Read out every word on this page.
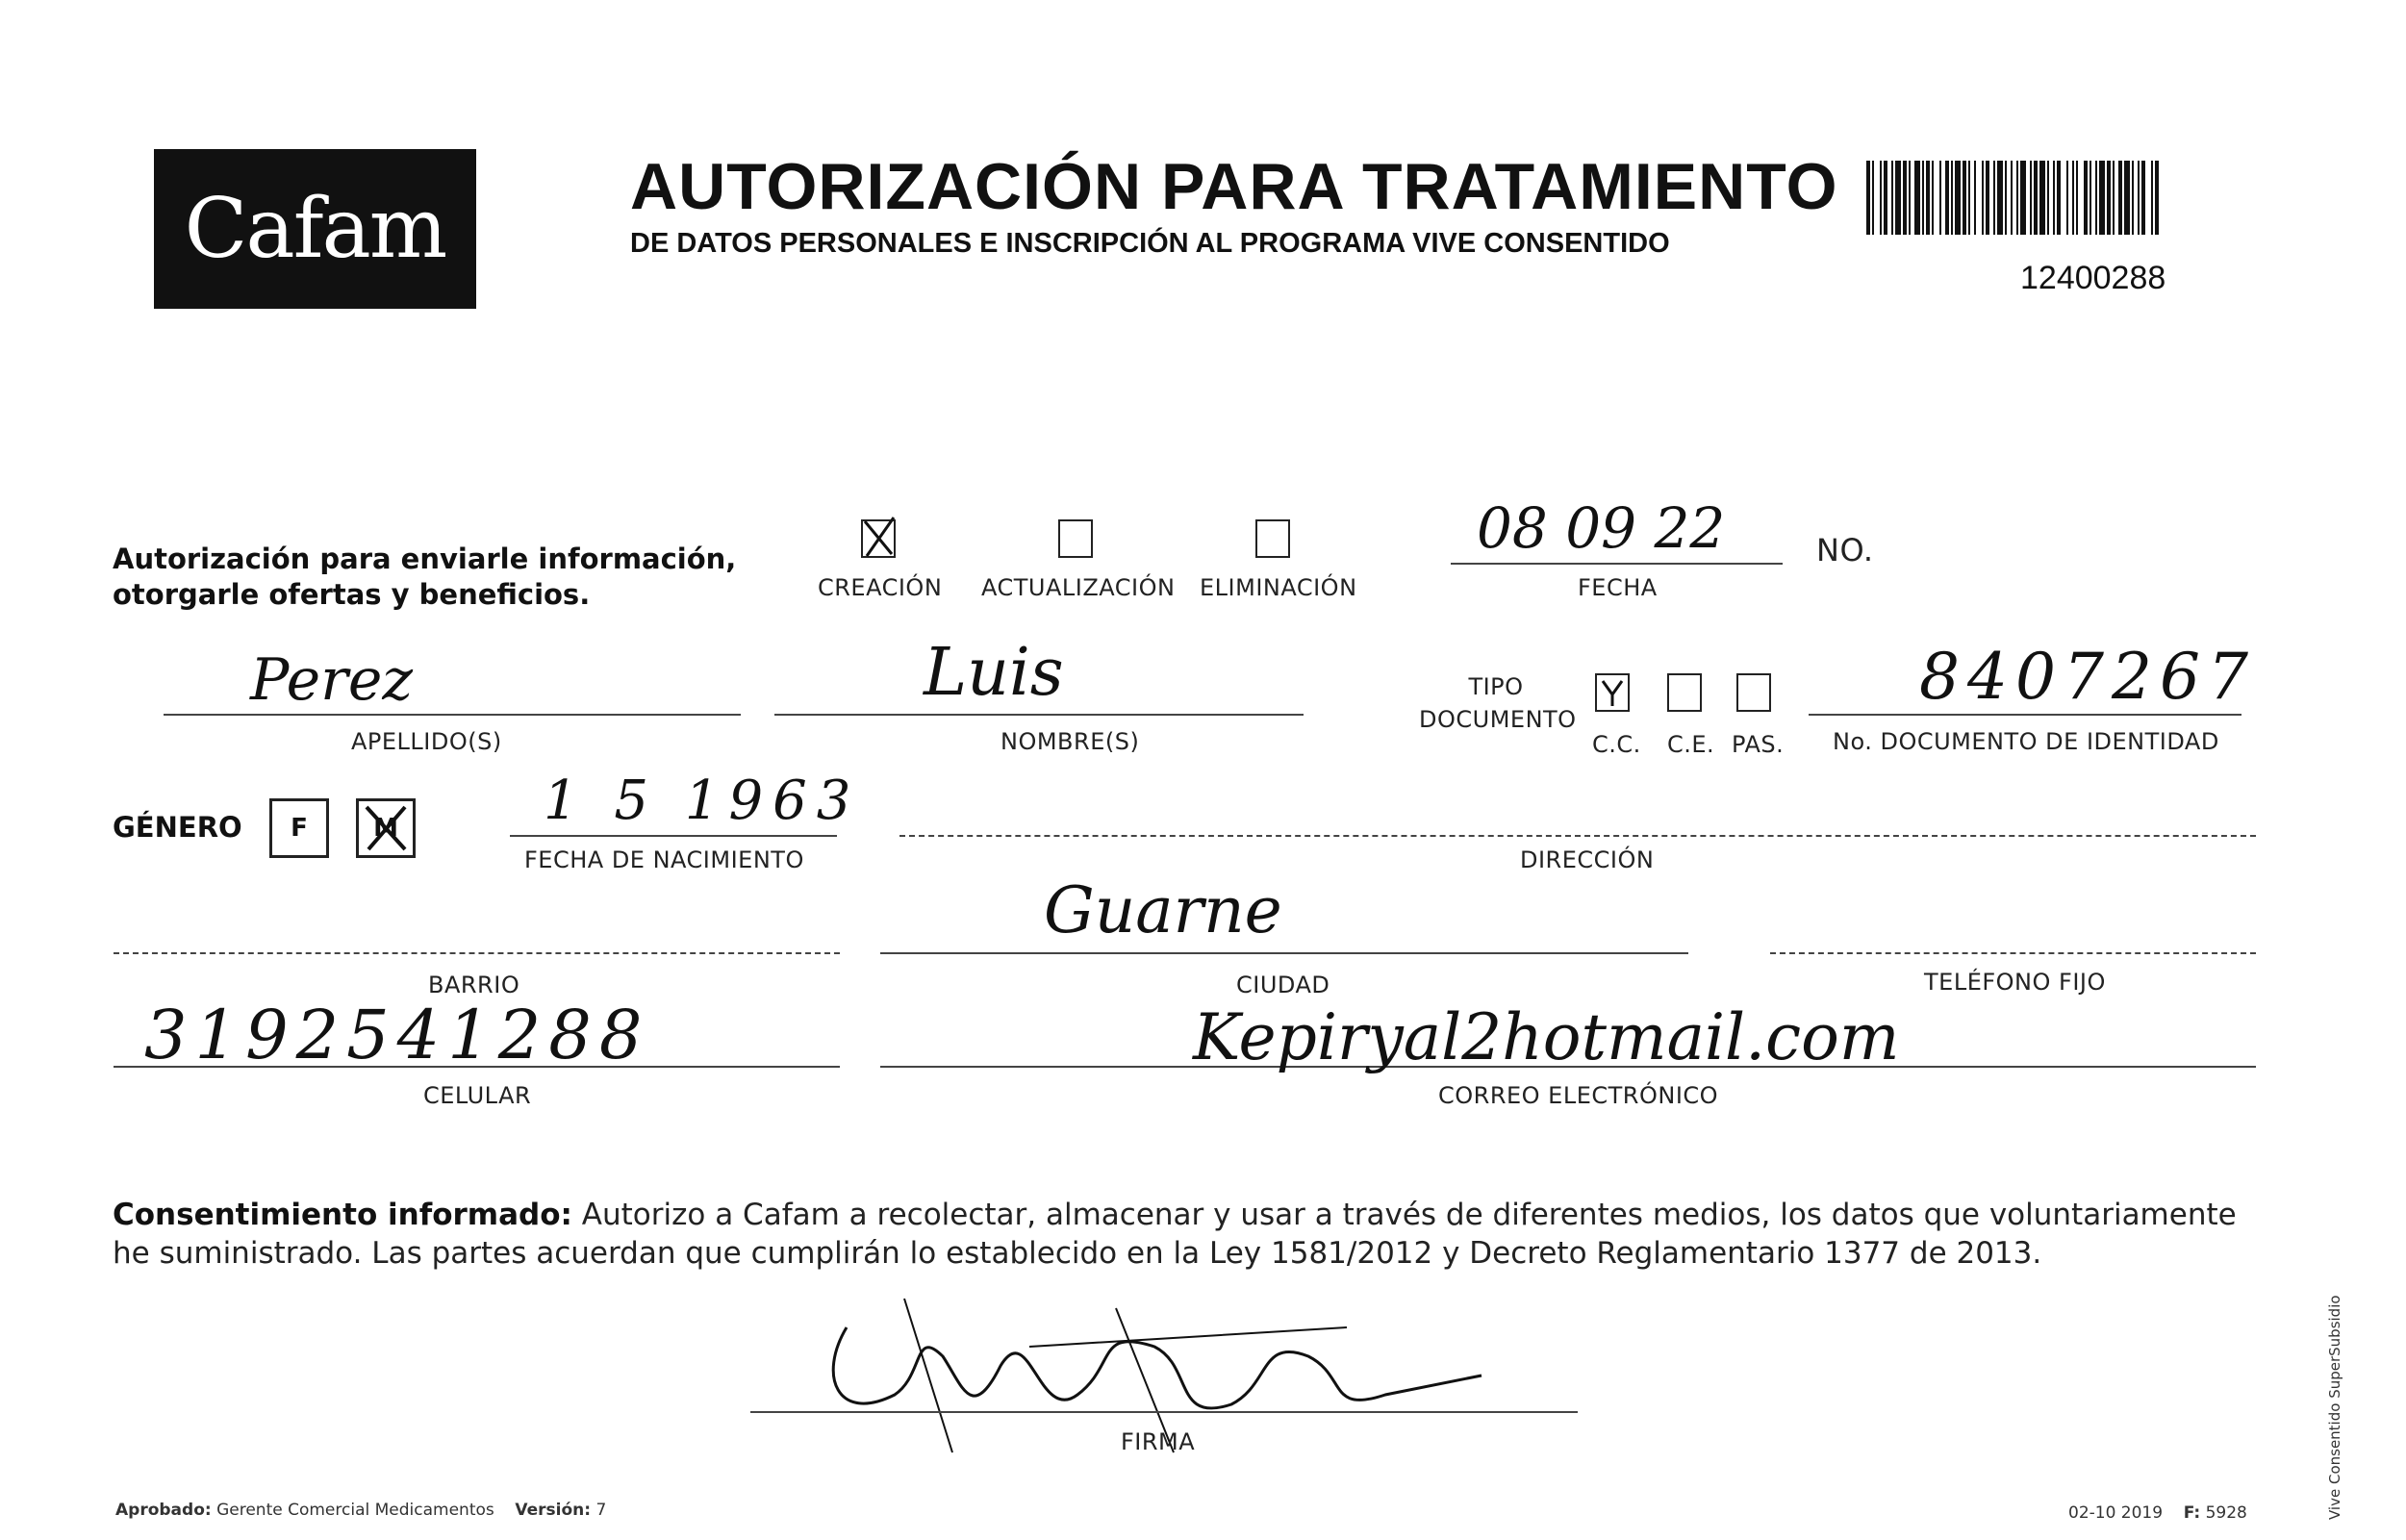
Cafam	AUTORIZACIÓN PARA TRATAMIENTO
DE DATOS PERSONALES E INSCRIPCIÓN AL PROGRAMA VIVE CONSENTIDO
12400288
Autorización para enviarle información, otorgarle ofertas y beneficios.	CREACIÓN ACTUALIZACIÓN ELIMINACIÓN
08 09 22
FECHA
NO.
Perez
APELLIDO(S)
Luis
NOMBRE(S)
TIPO DOCUMENTO
C.C. C.E. PAS.
8407267
No. DOCUMENTO DE IDENTIDAD
GÉNERO F	M	1 5 1963
FECHA DE NACIMIENTO	DIRECCIÓN
BARRIO
Guarne
CIUDAD	TELÉFONO FIJO
3192541288
CELULAR
Kepiryal2hotmail.com
CORREO ELECTRÓNICO
Consentimiento informado: Autorizo a Cafam a recolectar, almacenar y usar a través de diferentes medios, los datos que voluntariamente he suministrado. Las partes acuerdan que cumplirán lo establecido en la Ley 1581/2012 y Decreto Reglamentario 1377 de 2013.
FIRMA
Aprobado: Gerente Comercial Medicamentos Versión: 7	02-10 2019 F: 5928	Vive Consentido SuperSubsidio
